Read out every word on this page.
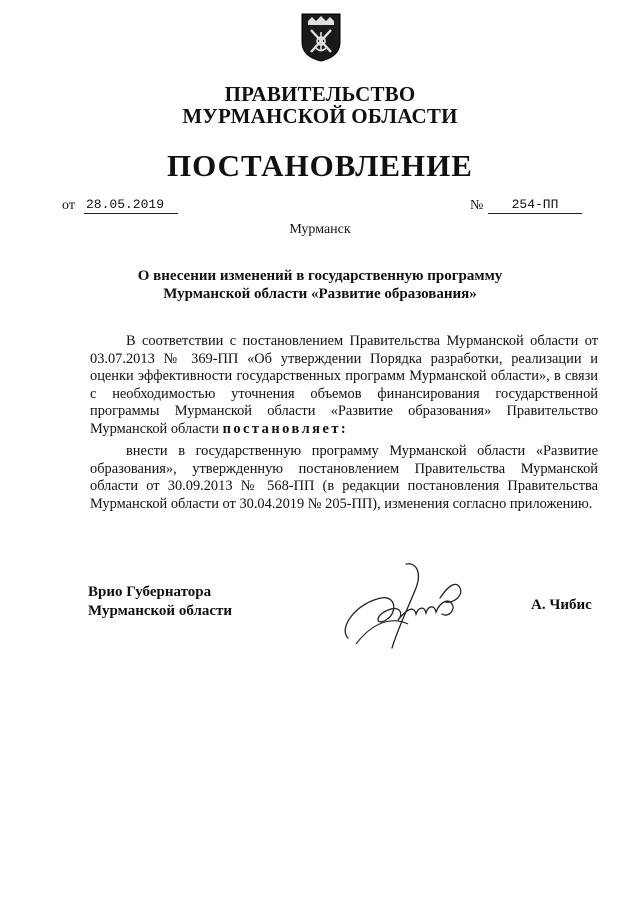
ПРАВИТЕЛЬСТВО
МУРМАНСКОЙ ОБЛАСТИ
ПОСТАНОВЛЕНИЕ
от 28.05.2019	№	254-ПП
Мурманск
О внесении изменений в государственную программу
Мурманской области «Развитие образования»
В соответствии с постановлением Правительства Мурманской области от 03.07.2013 № 369-ПП «Об утверждении Порядка разработки, реализации и оценки эффективности государственных программ Мурманской области», в связи с необходимостью уточнения объемов финансирования государственной программы Мурманской области «Развитие образования» Правительство Мурманской области постановляет:
внести в государственную программу Мурманской области «Развитие образования», утвержденную постановлением Правительства Мурманской области от 30.09.2013 № 568-ПП (в редакции постановления Правительства Мурманской области от 30.04.2019 № 205-ПП), изменения согласно приложению.
Врио Губернатора
Мурманской области	А. Чибис
